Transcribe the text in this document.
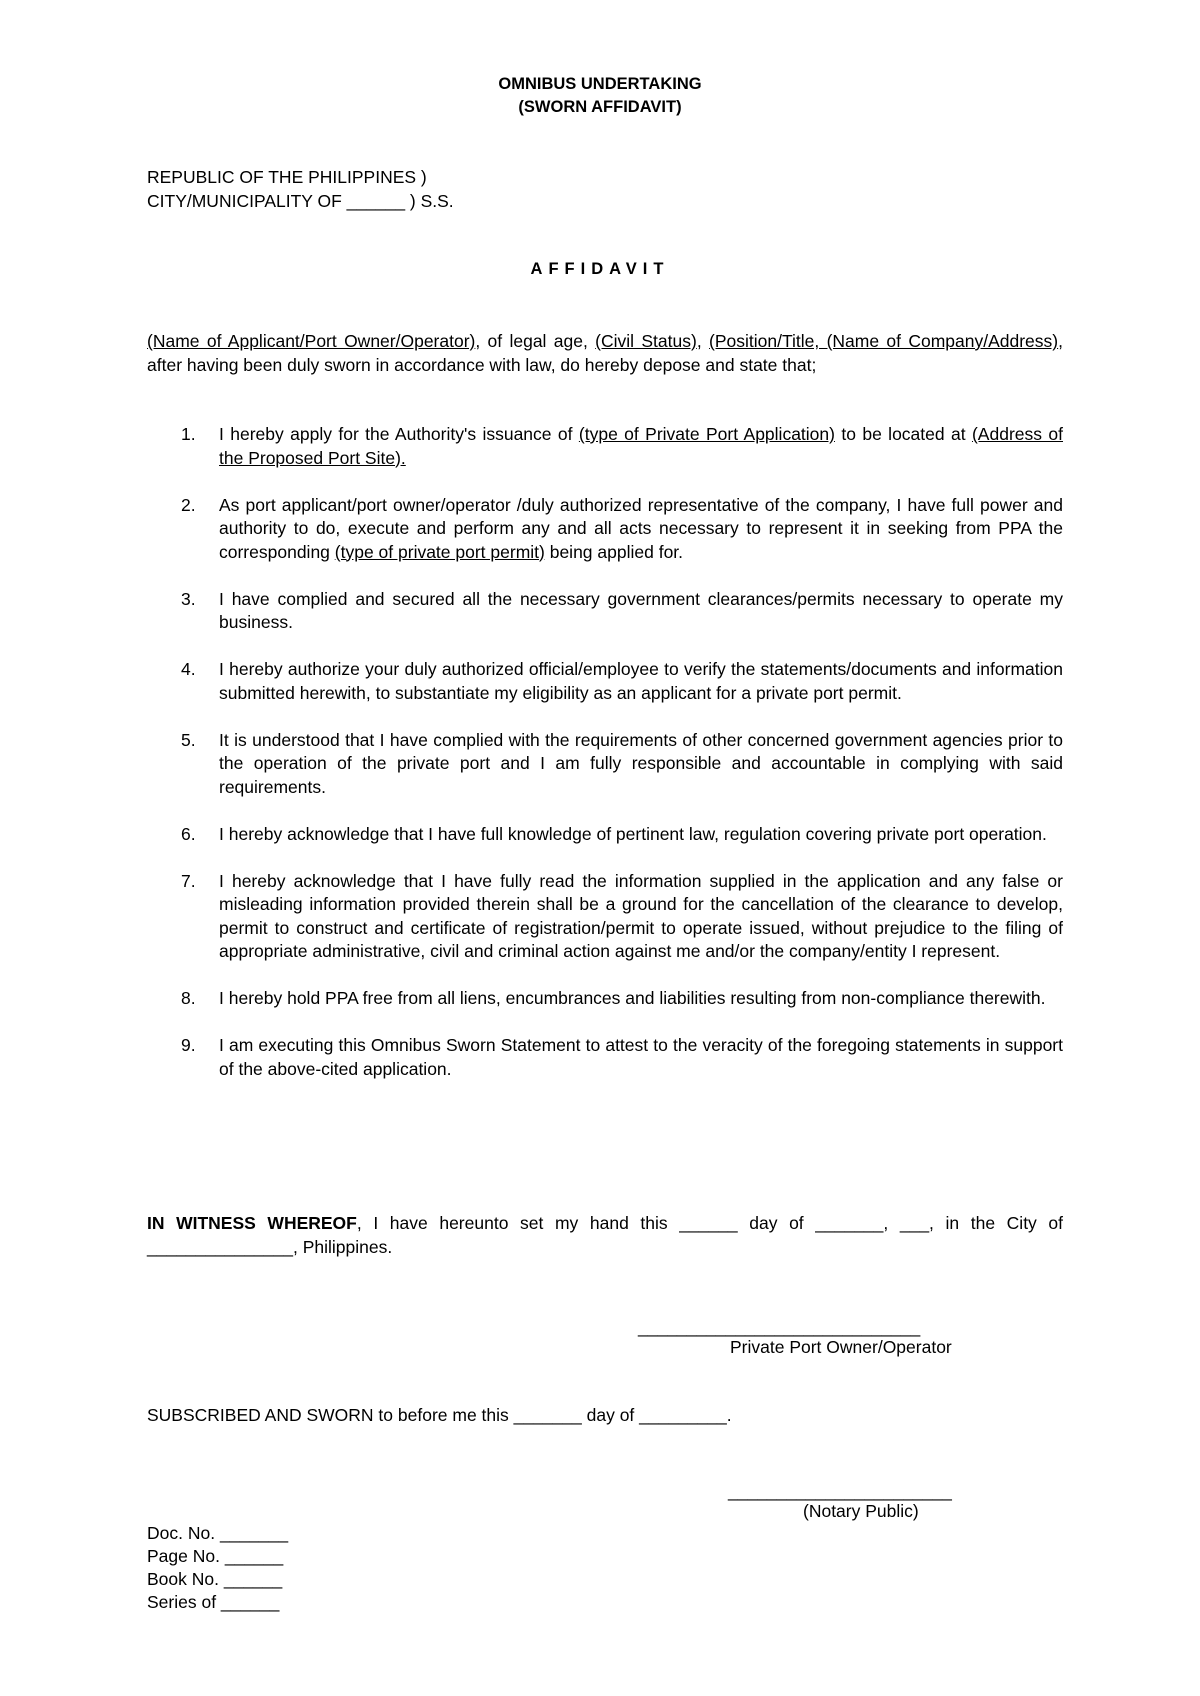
OMNIBUS UNDERTAKING
(SWORN AFFIDAVIT)
REPUBLIC OF THE PHILIPPINES )
CITY/MUNICIPALITY OF ______ ) S.S.
AFFIDAVIT
(Name of Applicant/Port Owner/Operator), of legal age, (Civil Status), (Position/Title, (Name of Company/Address), after having been duly sworn in accordance with law, do hereby depose and state that;
1. I hereby apply for the Authority's issuance of (type of Private Port Application) to be located at (Address of the Proposed Port Site).
2. As port applicant/port owner/operator /duly authorized representative of the company, I have full power and authority to do, execute and perform any and all acts necessary to represent it in seeking from PPA the corresponding (type of private port permit) being applied for.
3. I have complied and secured all the necessary government clearances/permits necessary to operate my business.
4. I hereby authorize your duly authorized official/employee to verify the statements/documents and information submitted herewith, to substantiate my eligibility as an applicant for a private port permit.
5. It is understood that I have complied with the requirements of other concerned government agencies prior to the operation of the private port and I am fully responsible and accountable in complying with said requirements.
6. I hereby acknowledge that I have full knowledge of pertinent law, regulation covering private port operation.
7. I hereby acknowledge that I have fully read the information supplied in the application and any false or misleading information provided therein shall be a ground for the cancellation of the clearance to develop, permit to construct and certificate of registration/permit to operate issued, without prejudice to the filing of appropriate administrative, civil and criminal action against me and/or the company/entity I represent.
8. I hereby hold PPA free from all liens, encumbrances and liabilities resulting from non-compliance therewith.
9. I am executing this Omnibus Sworn Statement to attest to the veracity of the foregoing statements in support of the above-cited application.
IN WITNESS WHEREOF, I have hereunto set my hand this ______ day of _______, ___, in the City of _______________, Philippines.
_____________________________
Private Port Owner/Operator
SUBSCRIBED AND SWORN to before me this _______ day of _________.
_______________________
(Notary Public)
Doc. No. _______
Page No. ______
Book No. ______
Series of ______
